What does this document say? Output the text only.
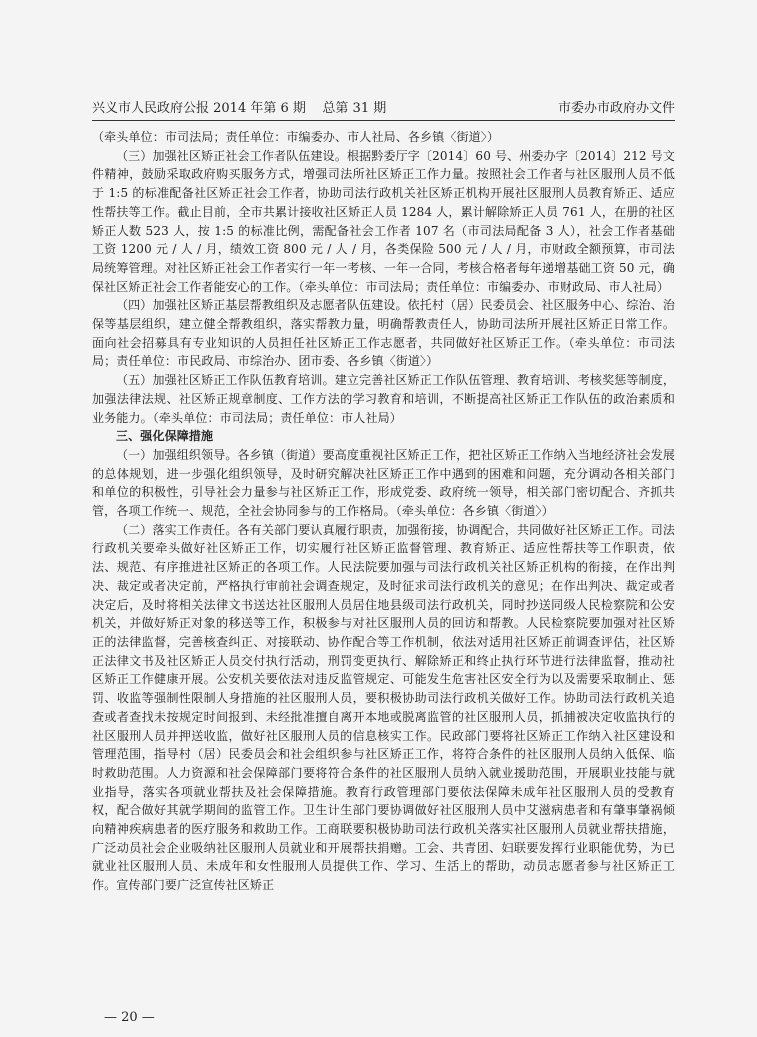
兴义市人民政府公报 2014 年第 6 期    总第 31 期	市委办市政府办文件

（牵头单位：市司法局；责任单位：市编委办、市人社局、各乡镇〈街道〉）

（三）加强社区矫正社会工作者队伍建设。根据黔委厅字〔2014〕60 号、州委办字〔2014〕212 号文件精神，鼓励采取政府购买服务方式，增强司法所社区矫正工作力量。按照社会工作者与社区服刑人员不低于 1:5 的标准配备社区矫正社会工作者，协助司法行政机关社区矫正机构开展社区服刑人员教育矫正、适应性帮扶等工作。截止目前，全市共累计接收社区矫正人员 1284 人，累计解除矫正人员 761 人，在册的社区矫正人数 523 人，按 1:5 的标准比例，需配备社会工作者 107 名（市司法局配备 3 人），社会工作者基础工资 1200 元 / 人 / 月，绩效工资 800 元 / 人 / 月，各类保险 500 元 / 人 / 月，市财政全额预算，市司法局统筹管理。对社区矫正社会工作者实行一年一考核、一年一合同，考核合格者每年递增基础工资 50 元，确保社区矫正社会工作者能安心的工作。（牵头单位：市司法局；责任单位：市编委办、市财政局、市人社局）

（四）加强社区矫正基层帮教组织及志愿者队伍建设。依托村（居）民委员会、社区服务中心、综治、治保等基层组织，建立健全帮教组织，落实帮教力量，明确帮教责任人，协助司法所开展社区矫正日常工作。面向社会招募具有专业知识的人员担任社区矫正工作志愿者，共同做好社区矫正工作。（牵头单位：市司法局；责任单位：市民政局、市综治办、团市委、各乡镇〈街道〉）

（五）加强社区矫正工作队伍教育培训。建立完善社区矫正工作队伍管理、教育培训、考核奖惩等制度，加强法律法规、社区矫正规章制度、工作方法的学习教育和培训，不断提高社区矫正工作队伍的政治素质和业务能力。（牵头单位：市司法局；责任单位：市人社局）

三、强化保障措施

（一）加强组织领导。各乡镇（街道）要高度重视社区矫正工作，把社区矫正工作纳入当地经济社会发展的总体规划，进一步强化组织领导，及时研究解决社区矫正工作中遇到的困难和问题，充分调动各相关部门和单位的积极性，引导社会力量参与社区矫正工作，形成党委、政府统一领导，相关部门密切配合、齐抓共管，各项工作统一、规范，全社会协同参与的工作格局。（牵头单位：各乡镇〈街道〉）

（二）落实工作责任。各有关部门要认真履行职责，加强衔接，协调配合，共同做好社区矫正工作。司法行政机关要牵头做好社区矫正工作，切实履行社区矫正监督管理、教育矫正、适应性帮扶等工作职责，依法、规范、有序推进社区矫正的各项工作。人民法院要加强与司法行政机关社区矫正机构的衔接，在作出判决、裁定或者决定前，严格执行审前社会调查规定，及时征求司法行政机关的意见；在作出判决、裁定或者决定后，及时将相关法律文书送达社区服刑人员居住地县级司法行政机关，同时抄送同级人民检察院和公安机关，并做好矫正对象的移送等工作，积极参与对社区服刑人员的回访和帮教。人民检察院要加强对社区矫正的法律监督，完善核查纠正、对接联动、协作配合等工作机制，依法对适用社区矫正前调查评估，社区矫正法律文书及社区矫正人员交付执行活动，刑罚变更执行、解除矫正和终止执行环节进行法律监督，推动社区矫正工作健康开展。公安机关要依法对违反监管规定、可能发生危害社区安全行为以及需要采取制止、惩罚、收监等强制性限制人身措施的社区服刑人员，要积极协助司法行政机关做好工作。协助司法行政机关追查或者查找未按规定时间报到、未经批准擅自离开本地或脱离监管的社区服刑人员，抓捕被决定收监执行的社区服刑人员并押送收监，做好社区服刑人员的信息核实工作。民政部门要将社区矫正工作纳入社区建设和管理范围，指导村（居）民委员会和社会组织参与社区矫正工作，将符合条件的社区服刑人员纳入低保、临时救助范围。人力资源和社会保障部门要将符合条件的社区服刑人员纳入就业援助范围，开展职业技能与就业指导，落实各项就业帮扶及社会保障措施。教育行政管理部门要依法保障未成年社区服刑人员的受教育权，配合做好其就学期间的监管工作。卫生计生部门要协调做好社区服刑人员中艾滋病患者和有肇事肇祸倾向精神疾病患者的医疗服务和救助工作。工商联要积极协助司法行政机关落实社区服刑人员就业帮扶措施，广泛动员社会企业吸纳社区服刑人员就业和开展帮扶捐赠。工会、共青团、妇联要发挥行业职能优势，为已就业社区服刑人员、未成年和女性服刑人员提供工作、学习、生活上的帮助，动员志愿者参与社区矫正工作。宣传部门要广泛宣传社区矫正

— 20 —
